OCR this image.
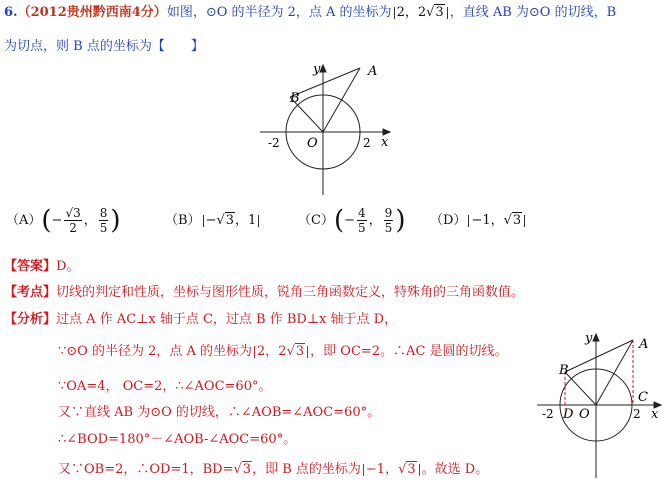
6.（2012贵州黔西南4分）如图，⊙O 的半径为 2，点 A 的坐标为 2，2√3 ，直线 AB 为⊙O 的切线，B
为切点，则 B 点的坐标为【　　】
y
x
A
B
O
-2	2
$(A)(- \frac{√3}{2}$ ， $\frac{8}{5}$ )	（B） −√3，1	$(C)(- \frac{4}{5}$ ， $\frac{9}{5}$ ) （D） −1，√3
【答案】D。
【考点】切线的判定和性质，坐标与图形性质，锐角三角函数定义，特殊角的三角函数值。
【分析】过点 A 作 AC⊥x 轴于点 C，过点 B 作 BD⊥x 轴于点 D，
∵⊙O 的半径为 2，点 A 的坐标为 2，2√3 ，即 OC=2。∴AC 是圆的切线。
∵OA=4， OC=2，∴∠AOC=60°。
又∵直线 AB 为⊙O 的切线，∴∠AOB=∠AOC=60°。
∴∠BOD=180°－∠AOB-∠AOC=60°。
又∵OB=2，∴OD=1，BD=√3，即 B 点的坐标为 −1，√3 。故选 D。
y
x
A
B
C
D O
-2	2
